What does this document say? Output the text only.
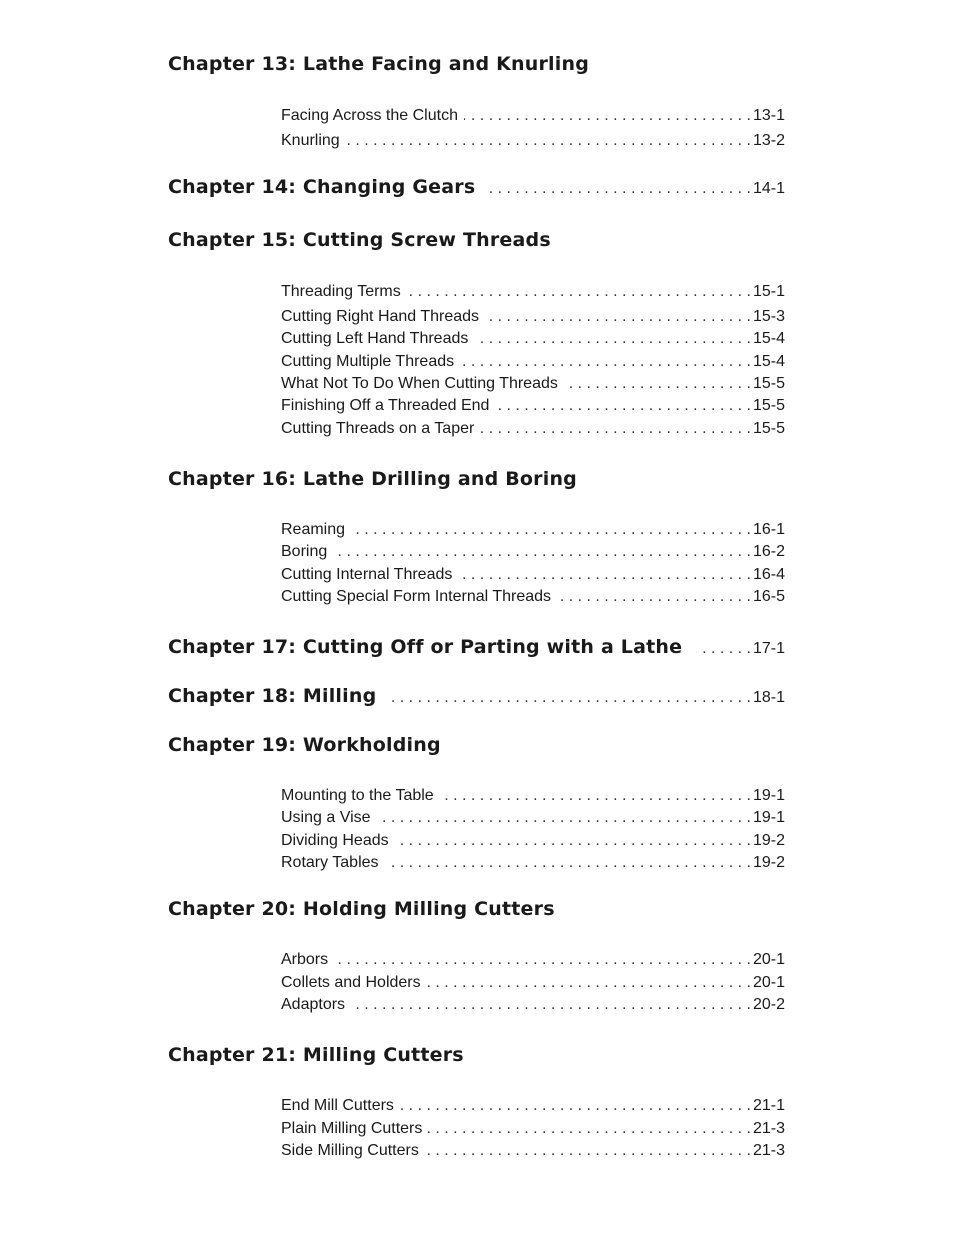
Chapter 13: Lathe Facing and Knurling
Facing Across the Clutch . . .	13-1
Knurling . . .	13-2
Chapter 14: Changing Gears . . .	14-1
Chapter 15: Cutting Screw Threads
Threading Terms . . .	15-1
Cutting Right Hand Threads . . .	15-3
Cutting Left Hand Threads . . .	15-4
Cutting Multiple Threads . . .	15-4
What Not To Do When Cutting Threads . . .	15-5
Finishing Off a Threaded End . . .	15-5
Cutting Threads on a Taper . . .	15-5
Chapter 16: Lathe Drilling and Boring
Reaming . . .	16-1
Boring . . .	16-2
Cutting Internal Threads . . .	16-4
Cutting Special Form Internal Threads . . .	16-5
Chapter 17: Cutting Off or Parting with a Lathe . . .	17-1
Chapter 18: Milling . . .	18-1
Chapter 19: Workholding
Mounting to the Table . . .	19-1
Using a Vise . . .	19-1
Dividing Heads . . .	19-2
Rotary Tables . . .	19-2
Chapter 20: Holding Milling Cutters
Arbors . . .	20-1
Collets and Holders . . .	20-1
Adaptors . . .	20-2
Chapter 21: Milling Cutters
End Mill Cutters . . .	21-1
Plain Milling Cutters . . .	21-3
Side Milling Cutters . . .	21-3
